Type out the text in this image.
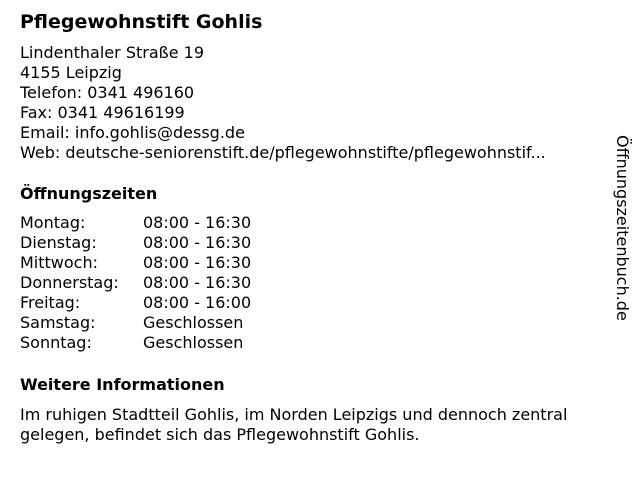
Pflegewohnstift Gohlis
Lindenthaler Straße 19
4155 Leipzig
Telefon: 0341 496160
Fax: 0341 49616199
Email: info.gohlis@dessg.de
Web: deutsche-seniorenstift.de/pflegewohnstifte/pflegewohnstif...
Öffnungszeiten
Montag:	08:00 - 16:30
Dienstag:	08:00 - 16:30
Mittwoch:	08:00 - 16:30
Donnerstag:	08:00 - 16:30
Freitag:	08:00 - 16:00
Samstag:	Geschlossen
Sonntag:	Geschlossen
Weitere Informationen
Im ruhigen Stadtteil Gohlis, im Norden Leipzigs und dennoch zentral gelegen, befindet sich das Pflegewohnstift Gohlis.
Öffnungszeitenbuch.de
